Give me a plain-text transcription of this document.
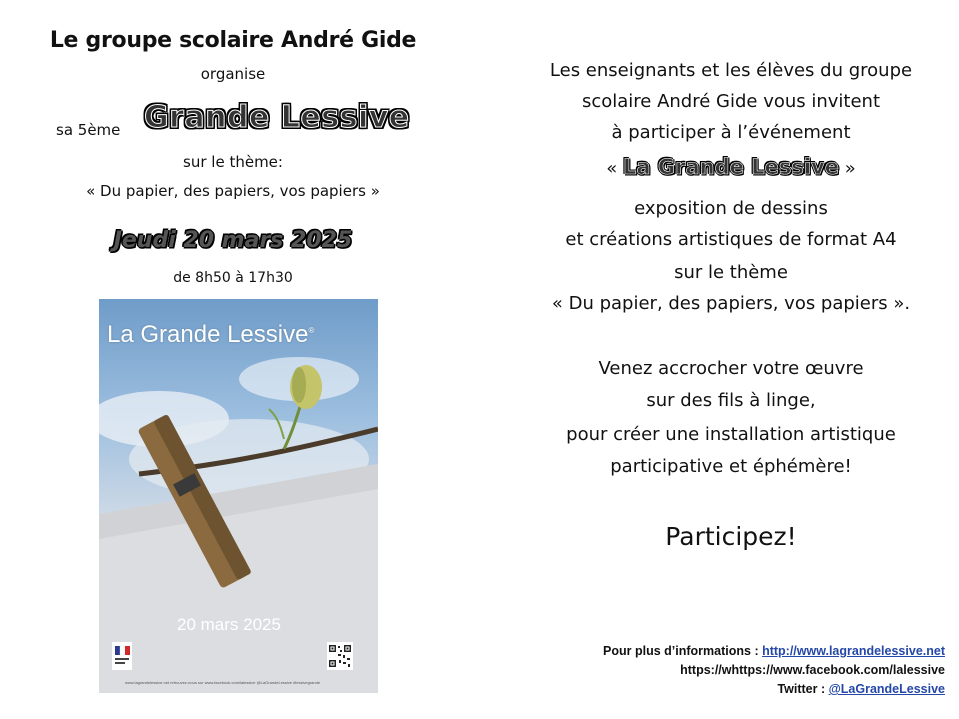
Le groupe scolaire André Gide
organise
sa 5ème Grande Lessive
sur le thème:
« Du papier, des papiers, vos papiers »
Jeudi 20 mars 2025
de 8h50 à 17h30
La Grande Lessive®
20 mars 2025
www.lagrandelessive.net retrouvez-nous sur www.facebook.com/lalessive @LaGrandeLessive #lessivegrande
Les enseignants et les élèves du groupe
scolaire André Gide vous invitent
à participer à l’événement
« La Grande Lessive »
exposition de dessins
et créations artistiques de format A4
sur le thème
« Du papier, des papiers, vos papiers ».
Venez accrocher votre œuvre
sur des fils à linge,
pour créer une installation artistique
participative et éphémère!
Participez!
Pour plus d’informations : http://www.lagrandelessive.net
https://whttps://www.facebook.com/lalessive
Twitter : @LaGrandeLessive
